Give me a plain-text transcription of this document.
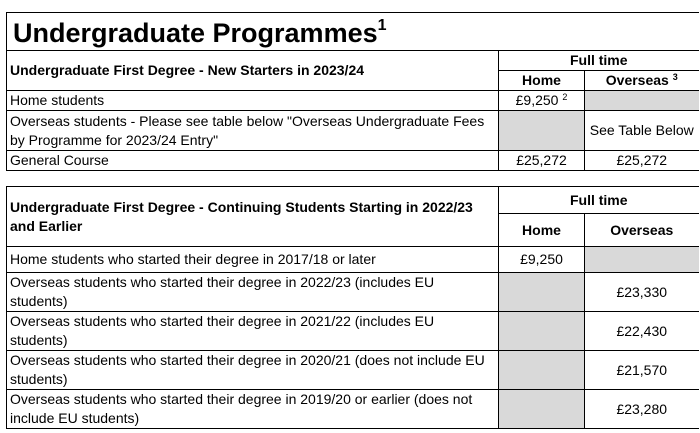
Undergraduate Programmes$^1$
Undergraduate First Degree - New Starters in 2023/24	Full time	
	Home	Overseas $^3$
Home students	£9,250 $^2$	
Overseas students - Please see table below "Overseas Undergraduate Fees by Programme for 2023/24 Entry"		See Table Below
General Course	£25,272	£25,272
Undergraduate First Degree - Continuing Students Starting in 2022/23 and Earlier	Full time	
	Home	Overseas
Home students who started their degree in 2017/18 or later	£9,250	
Overseas students who started their degree in 2022/23 (includes EU students)		£23,330
Overseas students who started their degree in 2021/22 (includes EU students)		£22,430
Overseas students who started their degree in 2020/21 (does not include EU students)		£21,570
Overseas students who started their degree in 2019/20 or earlier (does not include EU students)		£23,280
